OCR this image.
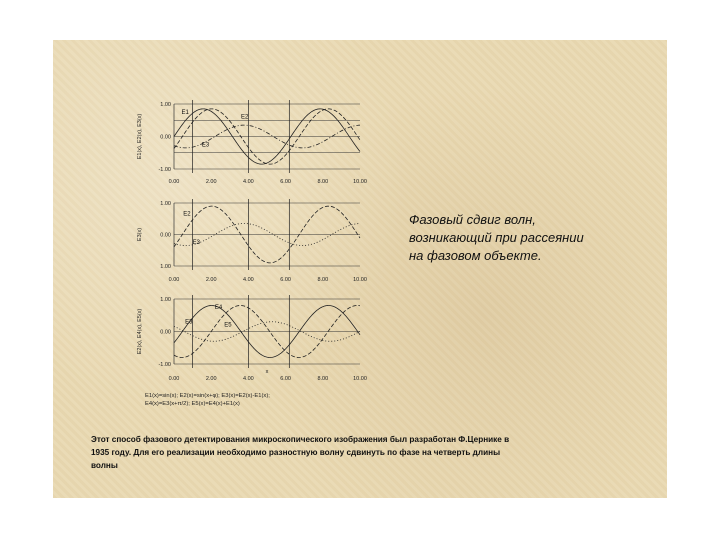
1.00
0.00
-1.00
0.00	2.00	4.00	6.00	8.00	10.00
E1(x), E2(x), E3(x)
E1
E2
E3
1.00
0.00
1.00
0.00	2.00	4.00	6.00	8.00	10.00
E3(x)
E2
E3
1.00
0.00
-1.00
0.00	2.00	4.00	6.00	8.00	10.00
E2(x), E4(x), E5(x)
x
E4
E3
E5
E1(x)=sin(x); E2(x)=sin(x+φ); E3(x)=E2(x)-E1(x);
E4(x)=E3(x+π/2); E5(x)=E4(x)+E1(x)
Фазовый сдвиг волн,
возникающий при рассеянии
на фазовом объекте.
Этот способ фазового детектирования микроскопического изображения был разработан Ф.Цернике в
1935 году. Для его реализации необходимо разностную волну сдвинуть по фазе на четверть длины
волны
